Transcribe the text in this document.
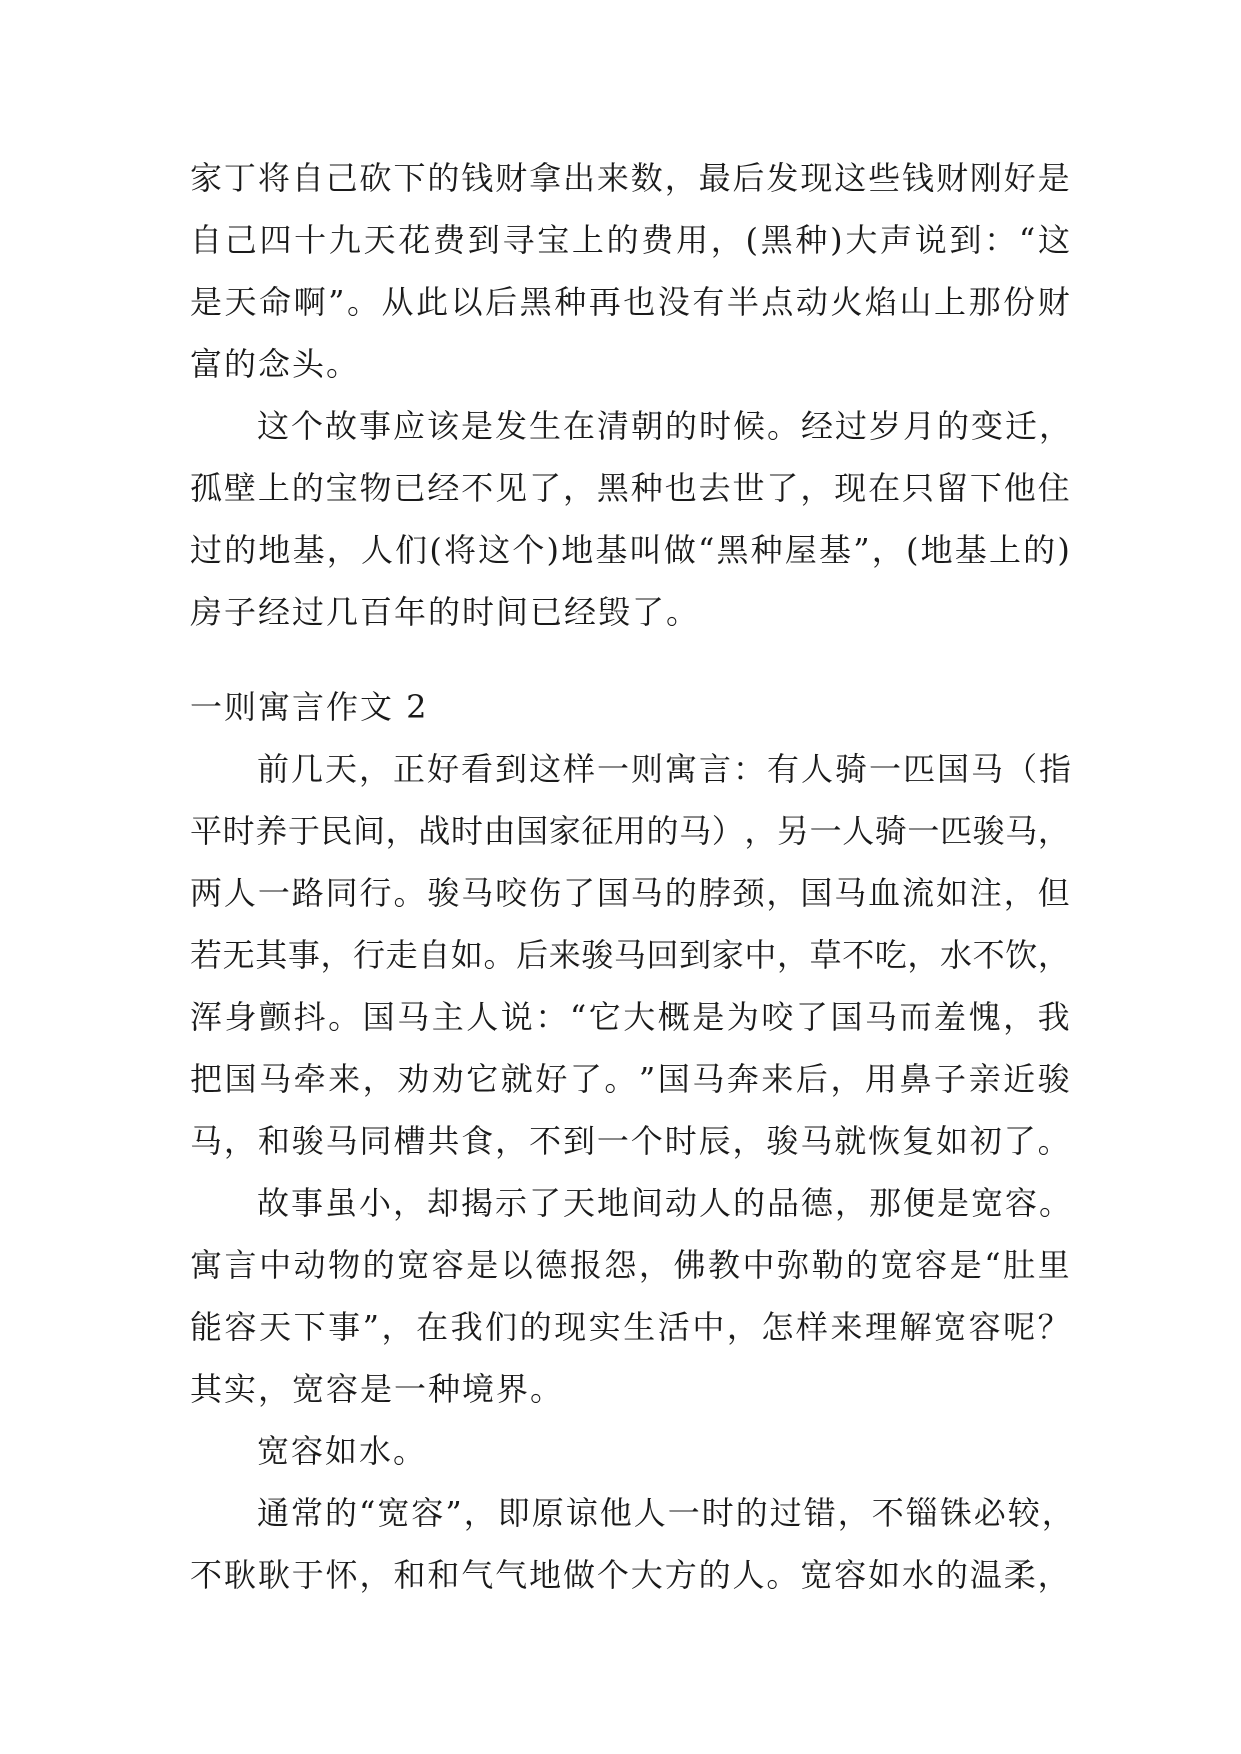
家 丁 将 自 己 砍 下 的 钱 财 拿 出 来 数 ， 最 后 发 现 这 些 钱 财 刚 好 是
自 己 四 十 九 天 花 费 到 寻 宝 上 的 费 用 ， ( 黑 种 ) 大 声 说 到 ： “ 这
是 天 命 啊 ” 。 从 此 以 后 黑 种 再 也 没 有 半 点 动 火 焰 山 上 那 份 财
富的念头。
这个故事应该是发生在清朝的时候。经过岁月的变迁，
孤 壁 上 的 宝 物 已 经 不 见 了 ， 黑 种 也 去 世 了 ， 现 在 只 留 下 他 住
过 的 地 基 ， 人 们 ( 将 这 个 ) 地 基 叫 做 “ 黑 种 屋 基 ” ， ( 地 基 上 的 )
房子经过几百年的时间已经毁了。
一则寓言作文 2
前几天，正好看到这样一则寓言：有人骑一匹国马（指
平 时 养 于 民 间 ， 战 时 由 国 家 征 用 的 马 ） ， 另 一 人 骑 一 匹 骏 马 ，
两 人 一 路 同 行 。 骏 马 咬 伤 了 国 马 的 脖 颈 ， 国 马 血 流 如 注 ， 但
若 无 其 事 ， 行 走 自 如 。 后 来 骏 马 回 到 家 中 ， 草 不 吃 ， 水 不 饮 ，
浑 身 颤 抖 。 国 马 主 人 说 ： “ 它 大 概 是 为 咬 了 国 马 而 羞 愧 ， 我
把 国 马 牵 来 ， 劝 劝 它 就 好 了 。 ” 国 马 奔 来 后 ， 用 鼻 子 亲 近 骏
马 ， 和 骏 马 同 槽 共 食 ， 不 到 一 个 时 辰 ， 骏 马 就 恢 复 如 初 了 。
故事虽小，却揭示了天地间动人的品德，那便是宽容。
寓 言 中 动 物 的 宽 容 是 以 德 报 怨 ， 佛 教 中 弥 勒 的 宽 容 是 “ 肚 里
能 容 天 下 事 ” ， 在 我 们 的 现 实 生 活 中 ， 怎 样 来 理 解 宽 容 呢 ？
其实，宽容是一种境界。
宽容如水。
通常的“宽容”，即原谅他人一时的过错，不锱铢必较，
不 耿 耿 于 怀 ， 和 和 气 气 地 做 个 大 方 的 人 。 宽 容 如 水 的 温 柔 ，
